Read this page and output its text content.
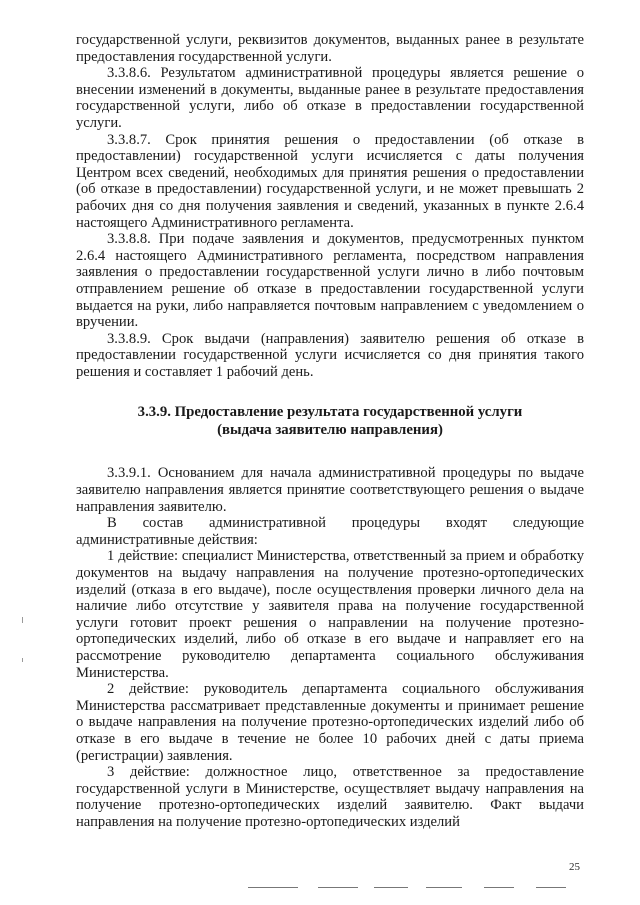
государственной услуги, реквизитов документов, выданных ранее в результате предоставления государственной услуги.

3.3.8.6. Результатом административной процедуры является решение о внесении изменений в документы, выданные ранее в результате предоставления государственной услуги, либо об отказе в предоставлении государственной услуги.

3.3.8.7. Срок принятия решения о предоставлении (об отказе в предоставлении) государственной услуги исчисляется с даты получения Центром всех сведений, необходимых для принятия решения о предоставлении (об отказе в предоставлении) государственной услуги, и не может превышать 2 рабочих дня со дня получения заявления и сведений, указанных в пункте 2.6.4 настоящего Административного регламента.

3.3.8.8. При подаче заявления и документов, предусмотренных пунктом 2.6.4 настоящего Административного регламента, посредством направления заявления о предоставлении государственной услуги лично в либо почтовым отправлением решение об отказе в предоставлении государственной услуги выдается на руки, либо направляется почтовым направлением с уведомлением о вручении.

3.3.8.9. Срок выдачи (направления) заявителю решения об отказе в предоставлении государственной услуги исчисляется со дня принятия такого решения и составляет 1 рабочий день.

3.3.9. Предоставление результата государственной услуги
(выдача заявителю направления)

3.3.9.1. Основанием для начала административной процедуры по выдаче заявителю направления является принятие соответствующего решения о выдаче направления заявителю.

В состав административной процедуры входят следующие административные действия:

1 действие: специалист Министерства, ответственный за прием и обработку документов на выдачу направления на получение протезно-ортопедических изделий (отказа в его выдаче), после осуществления проверки личного дела на наличие либо отсутствие у заявителя права на получение государственной услуги готовит проект решения о направлении на получение протезно-ортопедических изделий, либо об отказе в его выдаче и направляет его на рассмотрение руководителю департамента социального обслуживания Министерства.

2 действие: руководитель департамента социального обслуживания Министерства рассматривает представленные документы и принимает решение о выдаче направления на получение протезно-ортопедических изделий либо об отказе в его выдаче в течение не более 10 рабочих дней с даты приема (регистрации) заявления.

3 действие: должностное лицо, ответственное за предоставление государственной услуги в Министерстве, осуществляет выдачу направления на получение протезно-ортопедических изделий заявителю. Факт выдачи направления на получение протезно-ортопедических изделий

25
